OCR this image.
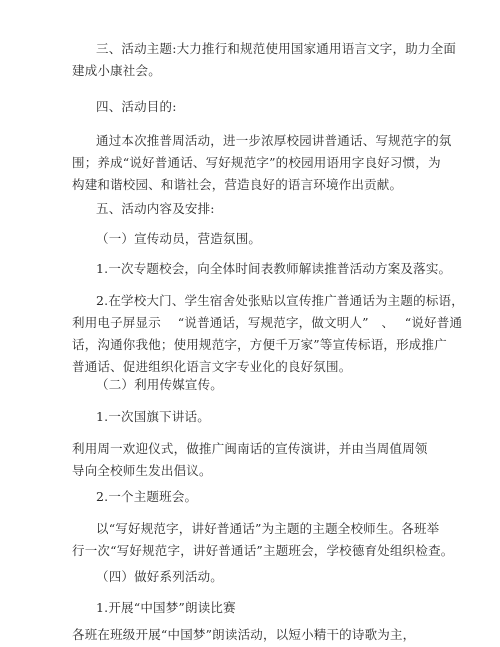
三、活动主题:大力推行和规范使用国家通用语言文字，助力全面
建成小康社会。

四、活动目的:

通过本次推普周活动，进一步浓厚校园讲普通话、写规范字的氛
围；养成“说好普通话、写好规范字”的校园用语用字良好习惯，为
构建和谐校园、和谐社会，营造良好的语言环境作出贡献。

五、活动内容及安排:

（一）宣传动员，营造氛围。

1.一次专题校会，向全体时间表教师解读推普活动方案及落实。

2.在学校大门、学生宿舍处张贴以宣传推广普通话为主题的标语，
利用电子屏显示　 “说普通话，写规范字，做文明人”　、　 “说好普通
话，沟通你我他；使用规范字，方便千万家”等宣传标语，形成推广
普通话、促进组织化语言文字专业化的良好氛围。

（二）利用传媒宣传。

1.一次国旗下讲话。

利用周一欢迎仪式，做推广闽南话的宣传演讲，并由当周值周领
导向全校师生发出倡议。

2.一个主题班会。

以“写好规范字，讲好普通话”为主题的主题全校师生。各班举
行一次“写好规范字，讲好普通话”主题班会，学校德育处组织检查。

（四）做好系列活动。

1.开展“中国梦”朗读比赛

各班在班级开展“中国梦”朗读活动，以短小精干的诗歌为主，
